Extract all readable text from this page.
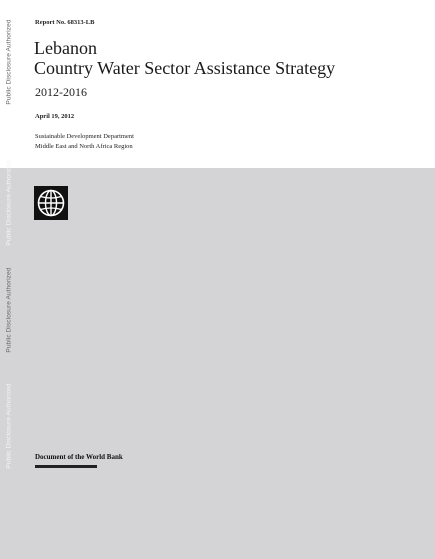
Public Disclosure Authorized
Public Disclosure Authorized
Public Disclosure Authorized
Public Disclosure Authorized
Report No. 68313-LB
Lebanon
Country Water Sector Assistance Strategy
2012-2016
April 19, 2012
Sustainable Development Department
Middle East and North Africa Region
Document of the World Bank
